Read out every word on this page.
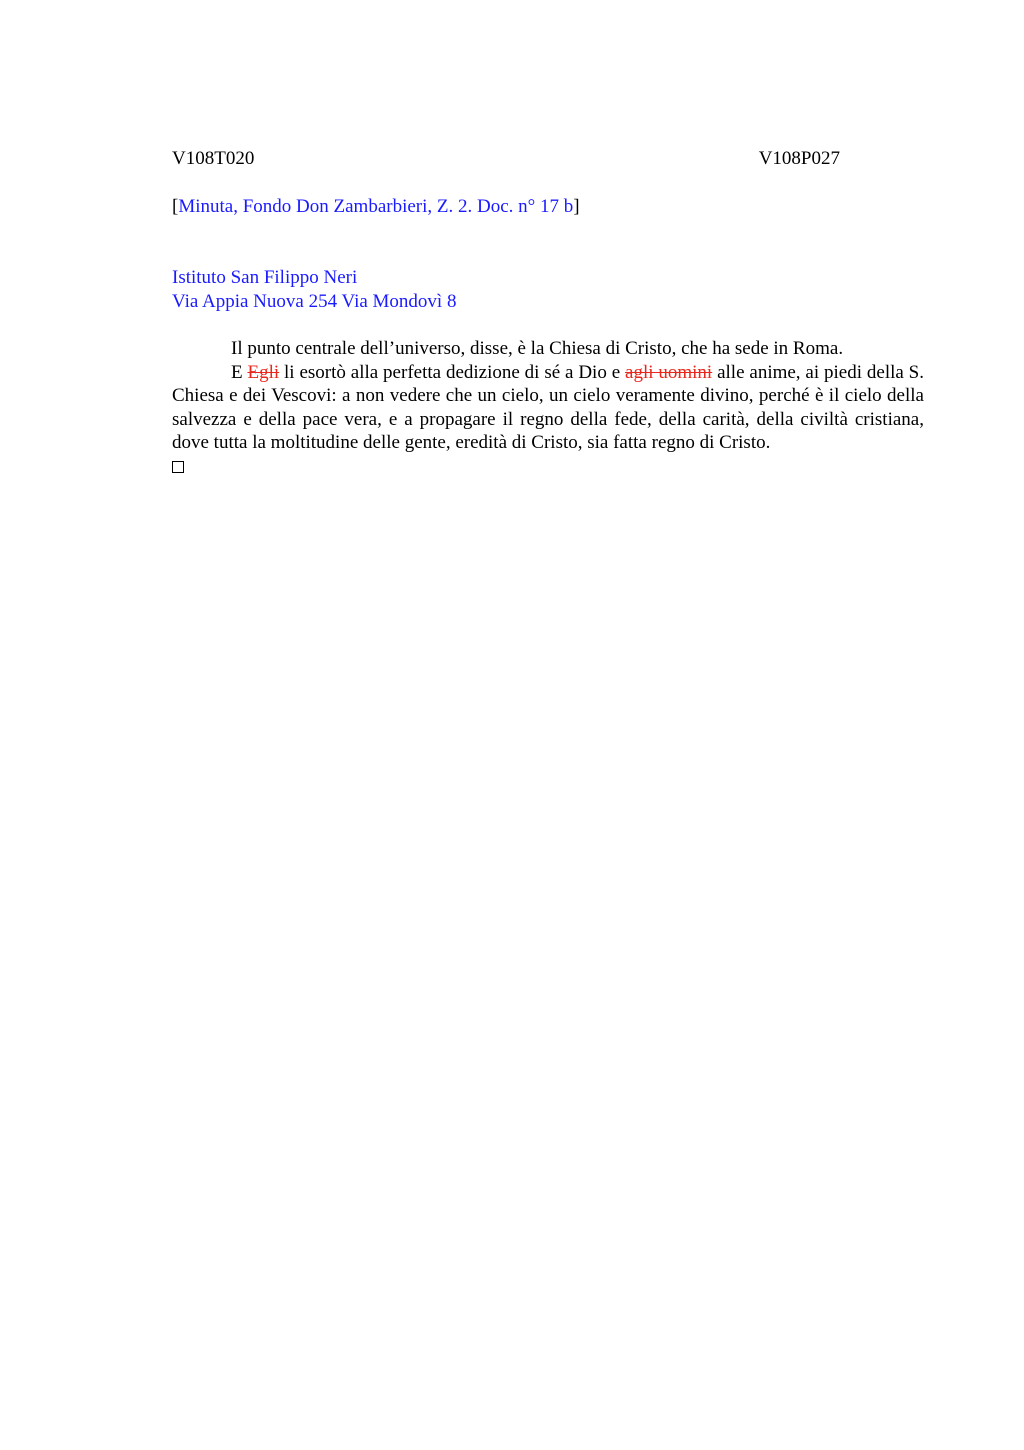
V108T020	V108P027
[Minuta, Fondo Don Zambarbieri, Z. 2. Doc. n° 17 b]
Istituto San Filippo Neri
Via Appia Nuova 254 Via Mondovì 8

Il punto centrale dell’universo, disse, è la Chiesa di Cristo, che ha sede in Roma.

E Egli li esortò alla perfetta dedizione di sé a Dio e agli uomini alle anime, ai piedi della S. Chiesa e dei Vescovi: a non vedere che un cielo, un cielo veramente divino, perché è il cielo della salvezza e della pace vera, e a propagare il regno della fede, della carità, della civiltà cristiana, dove tutta la moltitudine delle gente, eredità di Cristo, sia fatta regno di Cristo.
